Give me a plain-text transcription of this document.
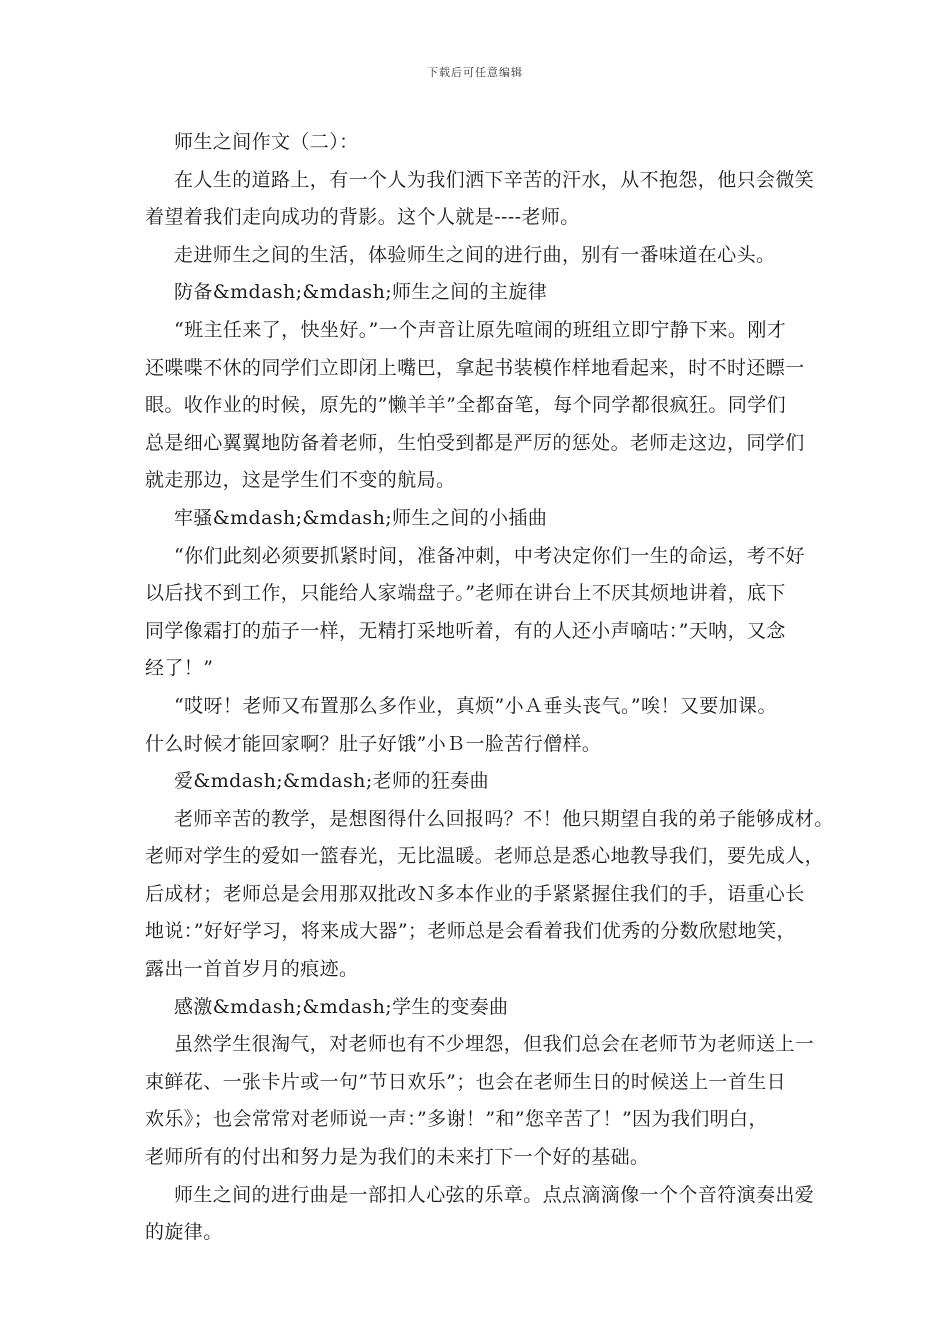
下载后可任意编辑
师生之间作文（二）：
在人生的道路上，有一个人为我们洒下辛苦的汗水，从不抱怨，他只会微笑
着望着我们走向成功的背影。这个人就是----老师。
走进师生之间的生活，体验师生之间的进行曲，别有一番味道在心头。
防备&mdash;&mdash;师生之间的主旋律
“班主任来了，快坐好。”一个声音让原先喧闹的班组立即宁静下来。刚才
还喋喋不休的同学们立即闭上嘴巴，拿起书装模作样地看起来，时不时还瞟一
眼。收作业的时候，原先的”懒羊羊”全都奋笔，每个同学都很疯狂。同学们
总是细心翼翼地防备着老师，生怕受到都是严厉的惩处。老师走这边，同学们
就走那边，这是学生们不变的航局。
牢骚&mdash;&mdash;师生之间的小插曲
“你们此刻必须要抓紧时间，准备冲刺，中考决定你们一生的命运，考不好
以后找不到工作，只能给人家端盘子。”老师在讲台上不厌其烦地讲着，底下
同学像霜打的茄子一样，无精打采地听着，有的人还小声嘀咕：”天呐，又念
经了！”
“哎呀！老师又布置那么多作业，真烦”小Ａ垂头丧气。”唉！又要加课。
什么时候才能回家啊？肚子好饿”小Ｂ一脸苦行僧样。
爱&mdash;&mdash;老师的狂奏曲
老师辛苦的教学，是想图得什么回报吗？不！他只期望自我的弟子能够成材。
老师对学生的爱如一篮春光，无比温暖。老师总是悉心地教导我们，要先成人，
后成材；老师总是会用那双批改Ｎ多本作业的手紧紧握住我们的手，语重心长
地说：”好好学习，将来成大器”；老师总是会看着我们优秀的分数欣慰地笑，
露出一首首岁月的痕迹。
感激&mdash;&mdash;学生的变奏曲
虽然学生很淘气，对老师也有不少埋怨，但我们总会在老师节为老师送上一
束鲜花、一张卡片或一句”节日欢乐”；也会在老师生日的时候送上一首生日
欢乐》；也会常常对老师说一声：”多谢！”和”您辛苦了！”因为我们明白，
老师所有的付出和努力是为我们的未来打下一个好的基础。
师生之间的进行曲是一部扣人心弦的乐章。点点滴滴像一个个音符演奏出爱
的旋律。
